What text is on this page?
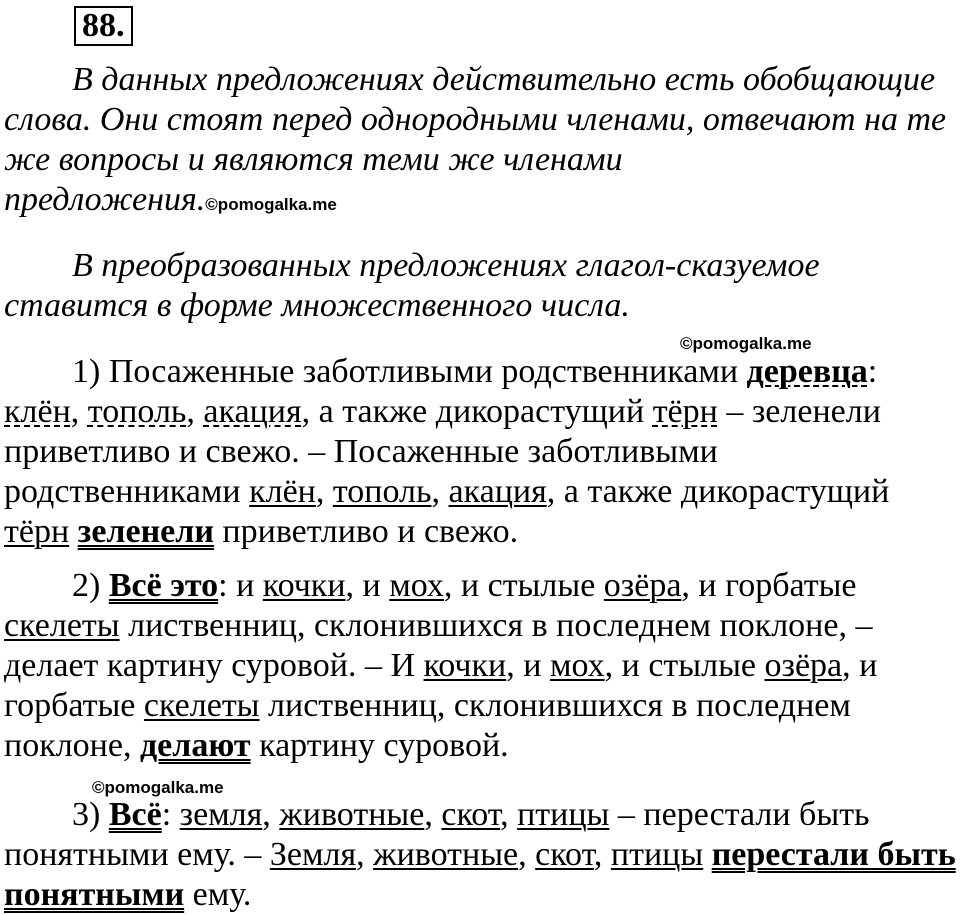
88.

В данных предложениях действительно есть обобщающие слова. Они стоят перед однородными членами, отвечают на те же вопросы и являются теми же членами предложения.©pomogalka.me

В преобразованных предложениях глагол-сказуемое ставится в форме множественного числа.

©pomogalka.me

1) Посаженные заботливыми родственниками деревца: клён, тополь, акация, а также дикорастущий тёрн – зеленели приветливо и свежо. – Посаженные заботливыми родственниками клён, тополь, акация, а также дикорастущий тёрн зеленели приветливо и свежо.

2) Всё это: и кочки, и мох, и стылые озёра, и горбатые скелеты лиственниц, склонившихся в последнем поклоне, – делает картину суровой. – И кочки, и мох, и стылые озёра, и горбатые скелеты лиственниц, склонившихся в последнем поклоне, делают картину суровой.

©pomogalka.me

3) Всё: земля, животные, скот, птицы – перестали быть понятными ему. – Земля, животные, скот, птицы перестали быть понятными ему.
